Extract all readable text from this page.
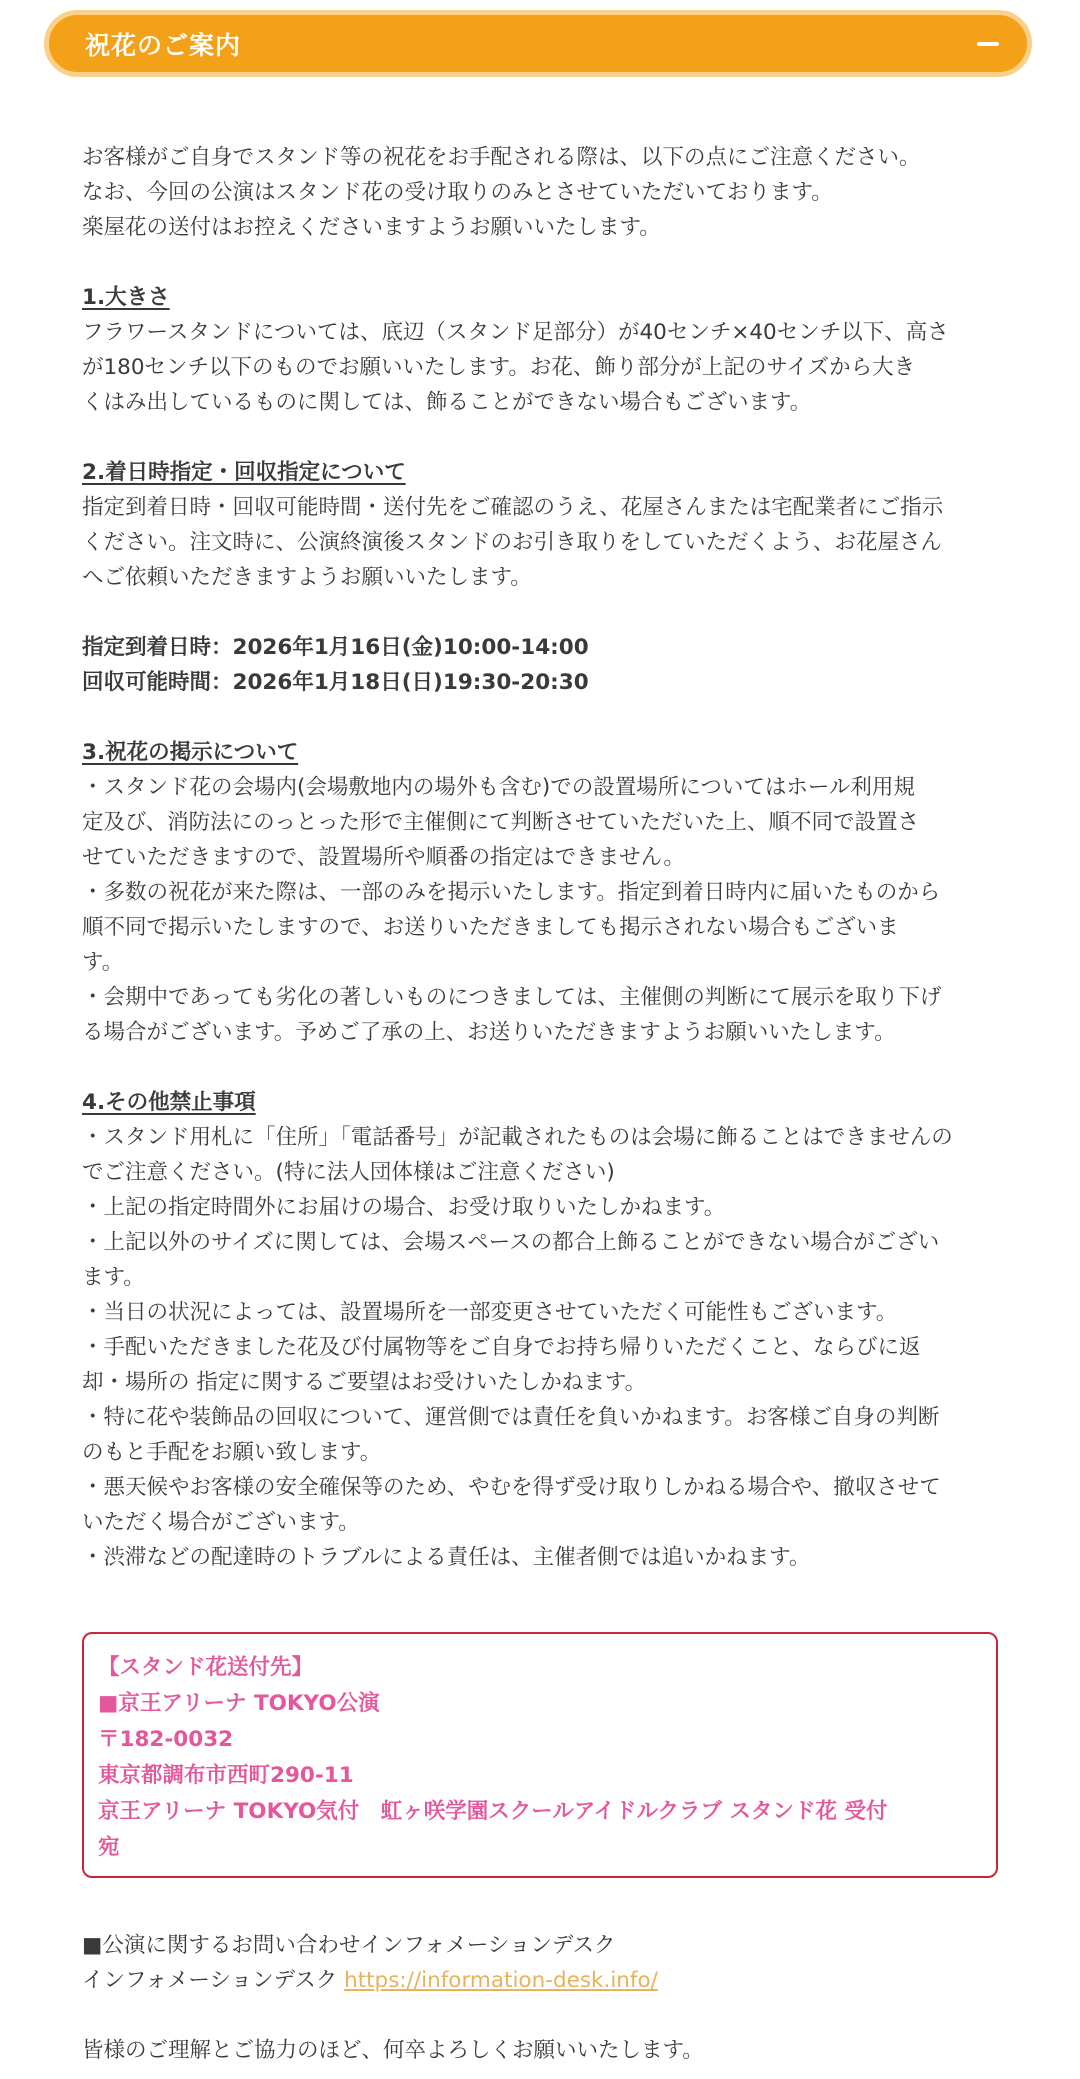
祝花のご案内

お客様がご自身でスタンド等の祝花をお手配される際は、以下の点にご注意ください。

なお、今回の公演はスタンド花の受け取りのみとさせていただいております。

楽屋花の送付はお控えくださいますようお願いいたします。

1.大きさ

フラワースタンドについては、底辺（スタンド足部分）が40センチ×40センチ以下、高さ

が180センチ以下のものでお願いいたします。お花、飾り部分が上記のサイズから大き

くはみ出しているものに関しては、飾ることができない場合もございます。

2.着日時指定・回収指定について

指定到着日時・回収可能時間・送付先をご確認のうえ、花屋さんまたは宅配業者にご指示

ください。注文時に、公演終演後スタンドのお引き取りをしていただくよう、お花屋さん

へご依頼いただきますようお願いいたします。

指定到着日時：2026年1月16日(金)10:00-14:00

回収可能時間：2026年1月18日(日)19:30-20:30

3.祝花の掲示について

・スタンド花の会場内(会場敷地内の場外も含む)での設置場所についてはホール利用規

定及び、消防法にのっとった形で主催側にて判断させていただいた上、順不同で設置さ

せていただきますので、設置場所や順番の指定はできません。

・多数の祝花が来た際は、一部のみを掲示いたします。指定到着日時内に届いたものから

順不同で掲示いたしますので、お送りいただきましても掲示されない場合もございま

す。

・会期中であっても劣化の著しいものにつきましては、主催側の判断にて展示を取り下げ

る場合がございます。予めご了承の上、お送りいただきますようお願いいたします。

4.その他禁止事項

・スタンド用札に「住所」「電話番号」が記載されたものは会場に飾ることはできませんの

でご注意ください。(特に法人団体様はご注意ください)

・上記の指定時間外にお届けの場合、お受け取りいたしかねます。

・上記以外のサイズに関しては、会場スペースの都合上飾ることができない場合がござい

ます。

・当日の状況によっては、設置場所を一部変更させていただく可能性もございます。

・手配いただきました花及び付属物等をご自身でお持ち帰りいただくこと、ならびに返

却・場所の 指定に関するご要望はお受けいたしかねます。

・特に花や装飾品の回収について、運営側では責任を負いかねます。お客様ご自身の判断

のもと手配をお願い致します。

・悪天候やお客様の安全確保等のため、やむを得ず受け取りしかねる場合や、撤収させて

いただく場合がございます。

・渋滞などの配達時のトラブルによる責任は、主催者側では追いかねます。

【スタンド花送付先】
■京王アリーナ TOKYO公演
〒182-0032
東京都調布市西町290-11
京王アリーナ TOKYO気付　虹ヶ咲学園スクールアイドルクラブ スタンド花 受付
宛

■公演に関するお問い合わせインフォメーションデスク

インフォメーションデスク https://information-desk.info/

皆様のご理解とご協力のほど、何卒よろしくお願いいたします。
